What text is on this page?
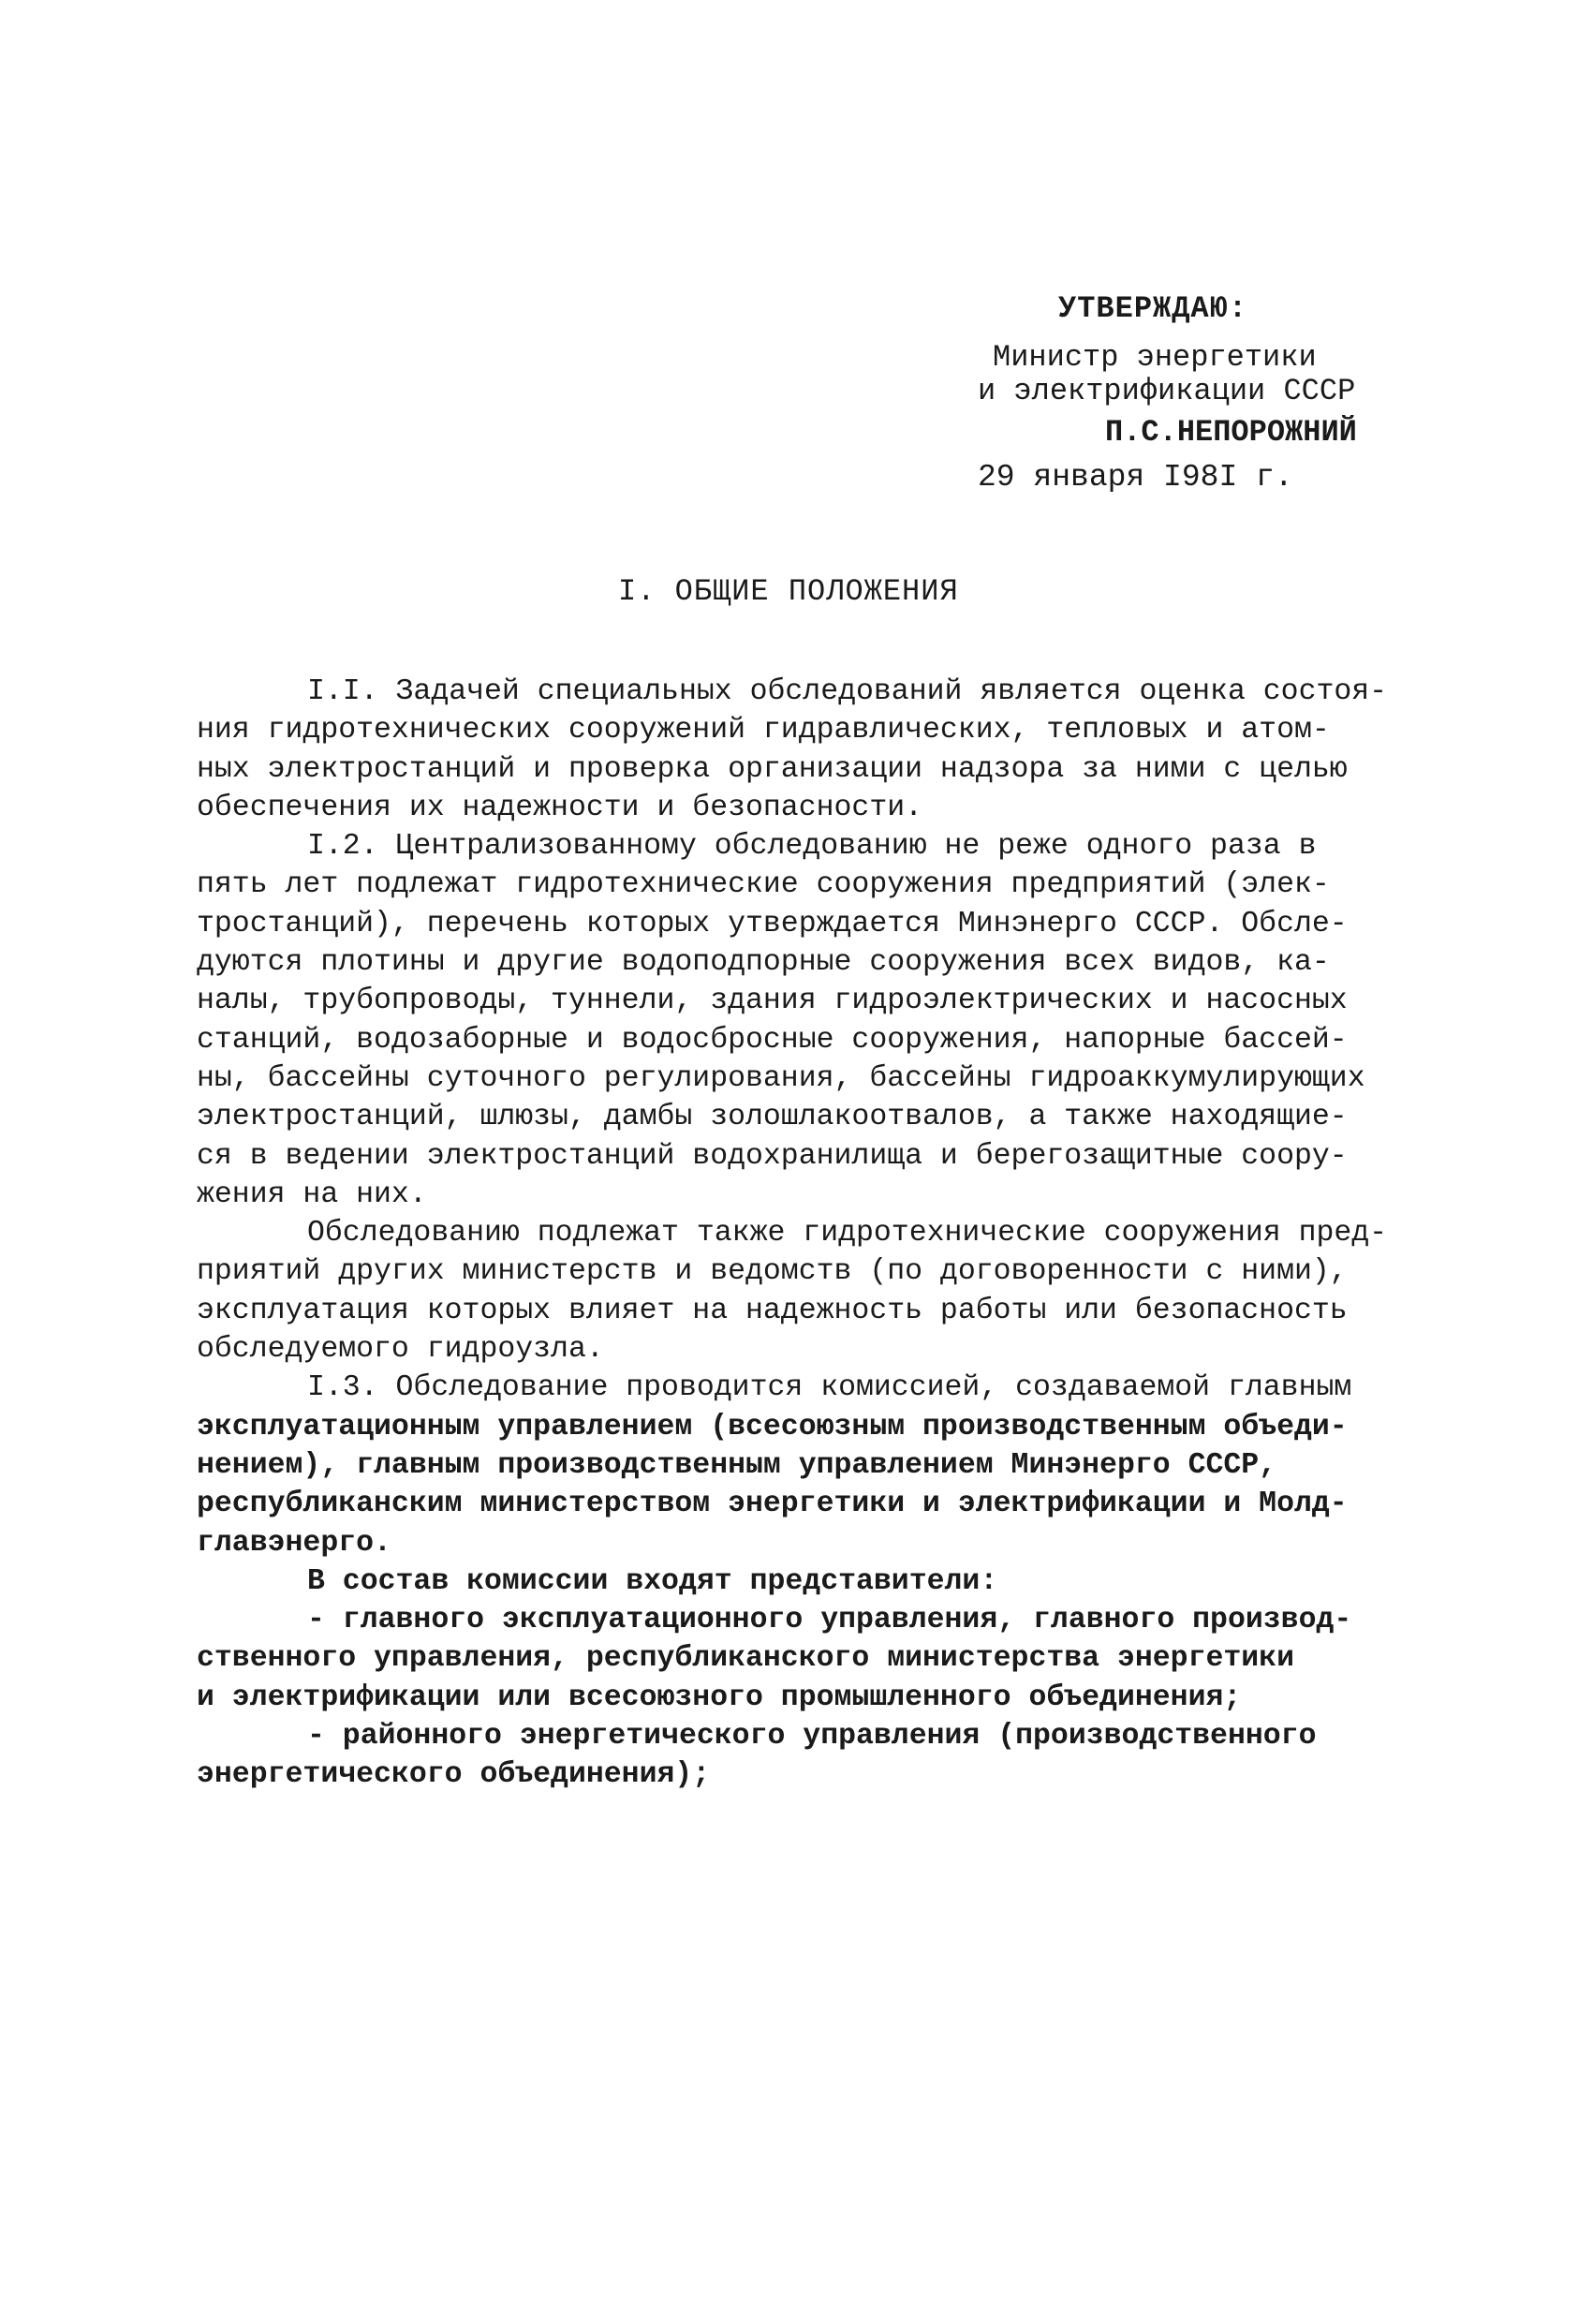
УТВЕРЖДАЮ:
Министр энергетики
и электрификации СССР
П.С.НЕПОРОЖНИЙ
29 января I98I г.
I. ОБЩИЕ ПОЛОЖЕНИЯ
I.I. Задачей специальных обследований является оценка состоя-
ния гидротехнических сооружений гидравлических, тепловых и атом-
ных электростанций и проверка организации надзора за ними с целью
обеспечения их надежности и безопасности.
I.2. Централизованному обследованию не реже одного раза в
пять лет подлежат гидротехнические сооружения предприятий (элек-
тростанций), перечень которых утверждается Минэнерго СССР. Обсле-
дуются плотины и другие водоподпорные сооружения всех видов, ка-
налы, трубопроводы, туннели, здания гидроэлектрических и насосных
станций, водозаборные и водосбросные сооружения, напорные бассей-
ны, бассейны суточного регулирования, бассейны гидроаккумулирующих
электростанций, шлюзы, дамбы золошлакоотвалов, а также находящие-
ся в ведении электростанций водохранилища и берегозащитные соору-
жения на них.
Обследованию подлежат также гидротехнические сооружения пред-
приятий других министерств и ведомств (по договоренности с ними),
эксплуатация которых влияет на надежность работы или безопасность
обследуемого гидроузла.
I.3. Обследование проводится комиссией, создаваемой главным
эксплуатационным управлением (всесоюзным производственным объеди-
нением), главным производственным управлением Минэнерго СССР,
республиканским министерством энергетики и электрификации и Молд-
главэнерго.
В состав комиссии входят представители:
- главного эксплуатационного управления, главного производ-
ственного управления, республиканского министерства энергетики
и электрификации или всесоюзного промышленного объединения;
- районного энергетического управления (производственного
энергетического объединения);
